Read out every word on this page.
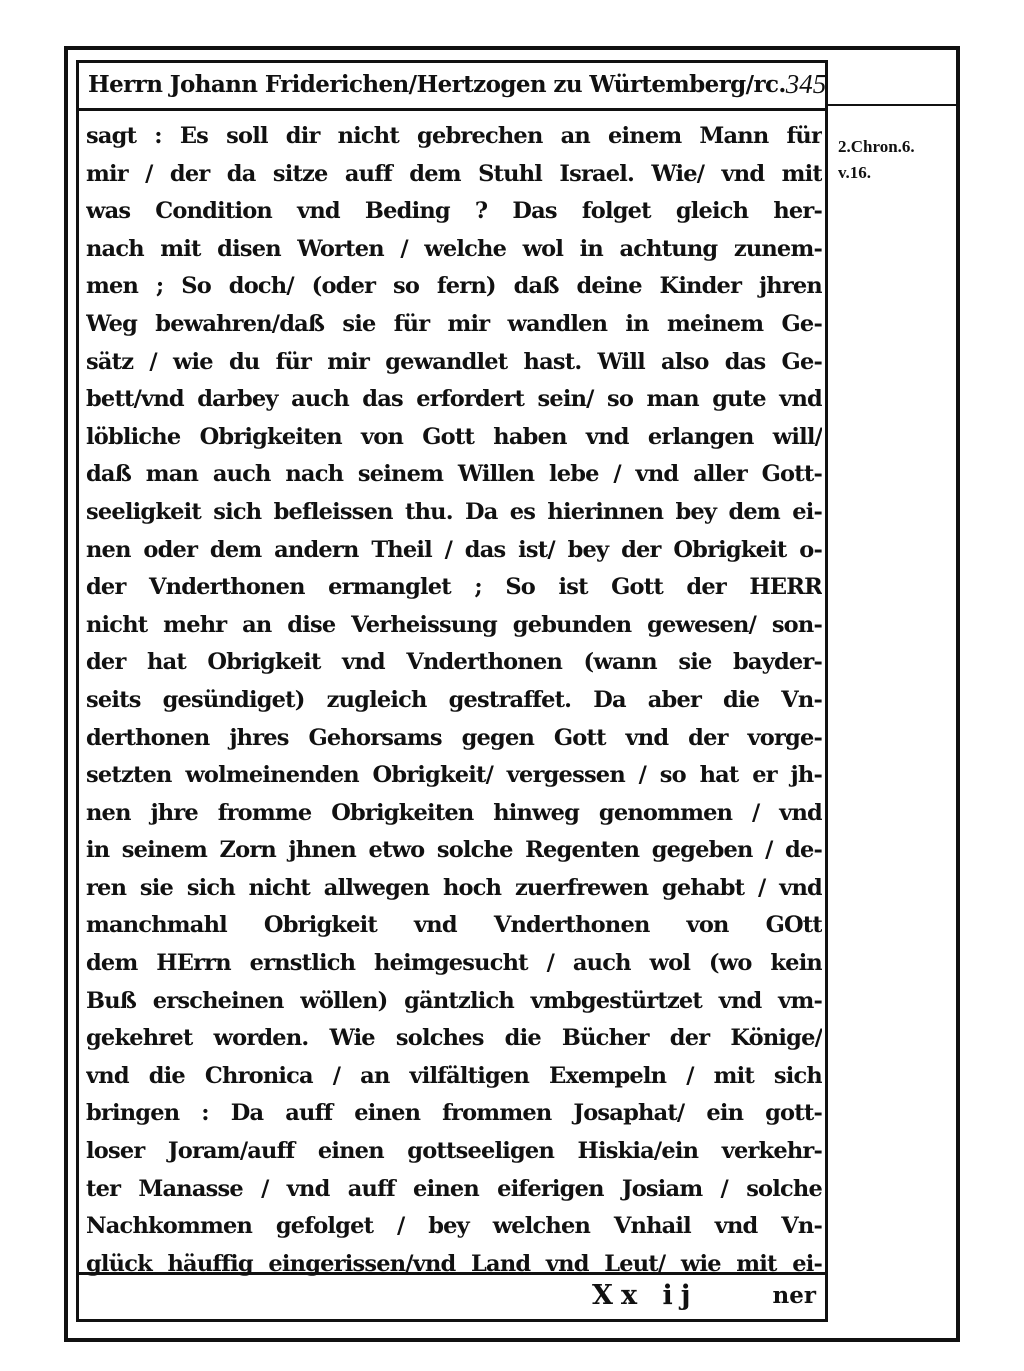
Herrn Johann Friderichen/Hertzogen zu Würtemberg/rc. 345
sagt : Es soll dir nicht gebrechen an einem Mann für
mir / der da sitze auff dem Stuhl Israel. Wie/ vnd mit
was Condition vnd Beding ? Das folget gleich her-
nach mit disen Worten / welche wol in achtung zunem-
men ; So doch/ (oder so fern) daß deine Kinder jhren
Weg bewahren/daß sie für mir wandlen in meinem Ge-
sätz / wie du für mir gewandlet hast. Will also das Ge-
bett/vnd darbey auch das erfordert sein/ so man gute vnd
löbliche Obrigkeiten von Gott haben vnd erlangen will/
daß man auch nach seinem Willen lebe / vnd aller Gott-
seeligkeit sich befleissen thu. Da es hierinnen bey dem ei-
nen oder dem andern Theil / das ist/ bey der Obrigkeit o-
der Vnderthonen ermanglet ; So ist Gott der HERR
nicht mehr an dise Verheissung gebunden gewesen/ son-
der hat Obrigkeit vnd Vnderthonen (wann sie bayder-
seits gesündiget) zugleich gestraffet. Da aber die Vn-
derthonen jhres Gehorsams gegen Gott vnd der vorge-
setzten wolmeinenden Obrigkeit/ vergessen / so hat er jh-
nen jhre fromme Obrigkeiten hinweg genommen / vnd
in seinem Zorn jhnen etwo solche Regenten gegeben / de-
ren sie sich nicht allwegen hoch zuerfrewen gehabt / vnd
manchmahl Obrigkeit vnd Vnderthonen von GOtt
dem HErrn ernstlich heimgesucht / auch wol (wo kein
Buß erscheinen wöllen) gäntzlich vmbgestürtzet vnd vm-
gekehret worden. Wie solches die Bücher der Könige/
vnd die Chronica / an vilfältigen Exempeln / mit sich
bringen : Da auff einen frommen Josaphat/ ein gott-
loser Joram/auff einen gottseeligen Hiskia/ein verkehr-
ter Manasse / vnd auff einen eiferigen Josiam / solche
Nachkommen gefolget / bey welchen Vnhail vnd Vn-
glück häuffig eingerissen/vnd Land vnd Leut/ wie mit ei-
2.Chron.6.
v.16.
Xx ij	ner
